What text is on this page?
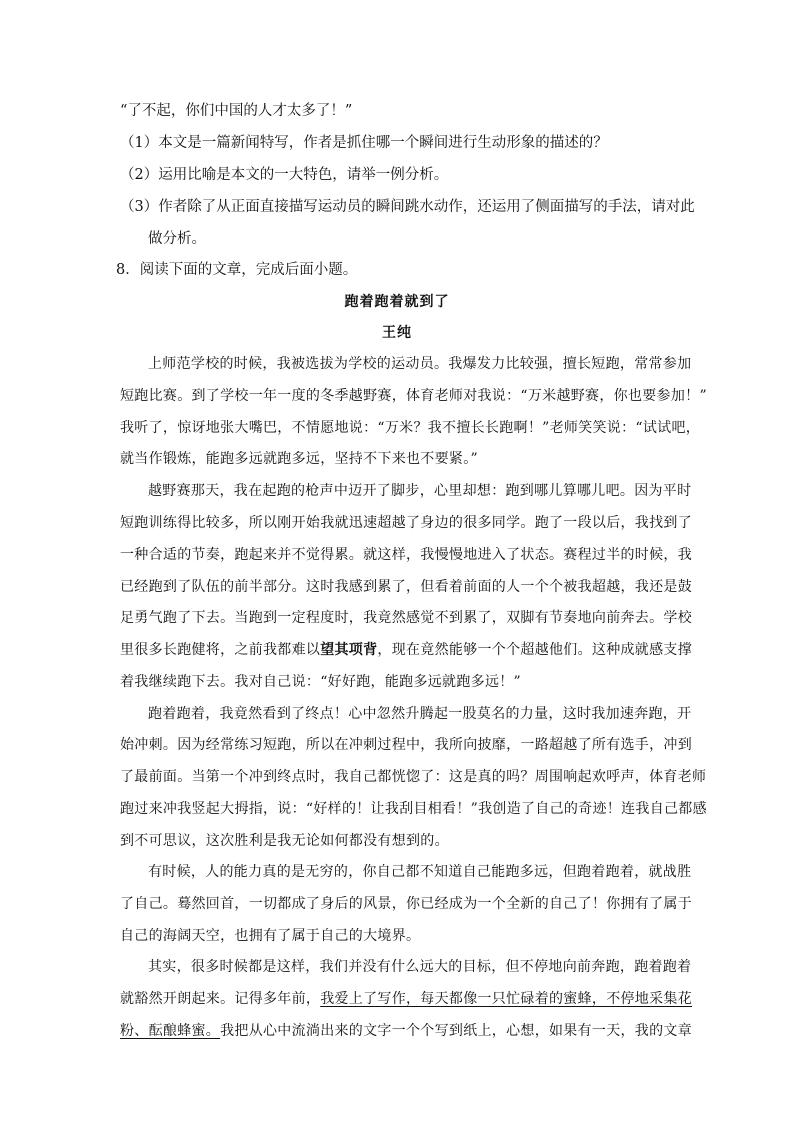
“了不起，你们中国的人才太多了！”
（1）本文是一篇新闻特写，作者是抓住哪一个瞬间进行生动形象的描述的？
（2）运用比喻是本文的一大特色，请举一例分析。
（3）作者除了从正面直接描写运动员的瞬间跳水动作，还运用了侧面描写的手法，请对此
做分析。
8．阅读下面的文章，完成后面小题。
跑着跑着就到了
王纯
上师范学校的时候，我被选拔为学校的运动员。我爆发力比较强，擅长短跑，常常参加
短跑比赛。到了学校一年一度的冬季越野赛，体育老师对我说：“万米越野赛，你也要参加！”
我听了，惊讶地张大嘴巴，不情愿地说：“万米？我不擅长长跑啊！”老师笑笑说：“试试吧，
就当作锻炼，能跑多远就跑多远，坚持不下来也不要紧。”
越野赛那天，我在起跑的枪声中迈开了脚步，心里却想：跑到哪儿算哪儿吧。因为平时
短跑训练得比较多，所以刚开始我就迅速超越了身边的很多同学。跑了一段以后，我找到了
一种合适的节奏，跑起来并不觉得累。就这样，我慢慢地进入了状态。赛程过半的时候，我
已经跑到了队伍的前半部分。这时我感到累了，但看着前面的人一个个被我超越，我还是鼓
足勇气跑了下去。当跑到一定程度时，我竟然感觉不到累了，双脚有节奏地向前奔去。学校
里很多长跑健将，之前我都难以望其项背，现在竟然能够一个个超越他们。这种成就感支撑
着我继续跑下去。我对自己说：“好好跑，能跑多远就跑多远！”
跑着跑着，我竟然看到了终点！心中忽然升腾起一股莫名的力量，这时我加速奔跑，开
始冲刺。因为经常练习短跑，所以在冲刺过程中，我所向披靡，一路超越了所有选手，冲到
了最前面。当第一个冲到终点时，我自己都恍惚了：这是真的吗？周围响起欢呼声，体育老师
跑过来冲我竖起大拇指，说：“好样的！让我刮目相看！”我创造了自己的奇迹！连我自己都感
到不可思议，这次胜利是我无论如何都没有想到的。
有时候，人的能力真的是无穷的，你自己都不知道自己能跑多远，但跑着跑着，就战胜
了自己。蓦然回首，一切都成了身后的风景，你已经成为一个全新的自己了！你拥有了属于
自己的海阔天空，也拥有了属于自己的大境界。
其实，很多时候都是这样，我们并没有什么远大的目标，但不停地向前奔跑，跑着跑着
就豁然开朗起来。记得多年前，我爱上了写作，每天都像一只忙碌着的蜜蜂，不停地采集花
粉、酝酿蜂蜜。我把从心中流淌出来的文字一个个写到纸上，心想，如果有一天，我的文章
